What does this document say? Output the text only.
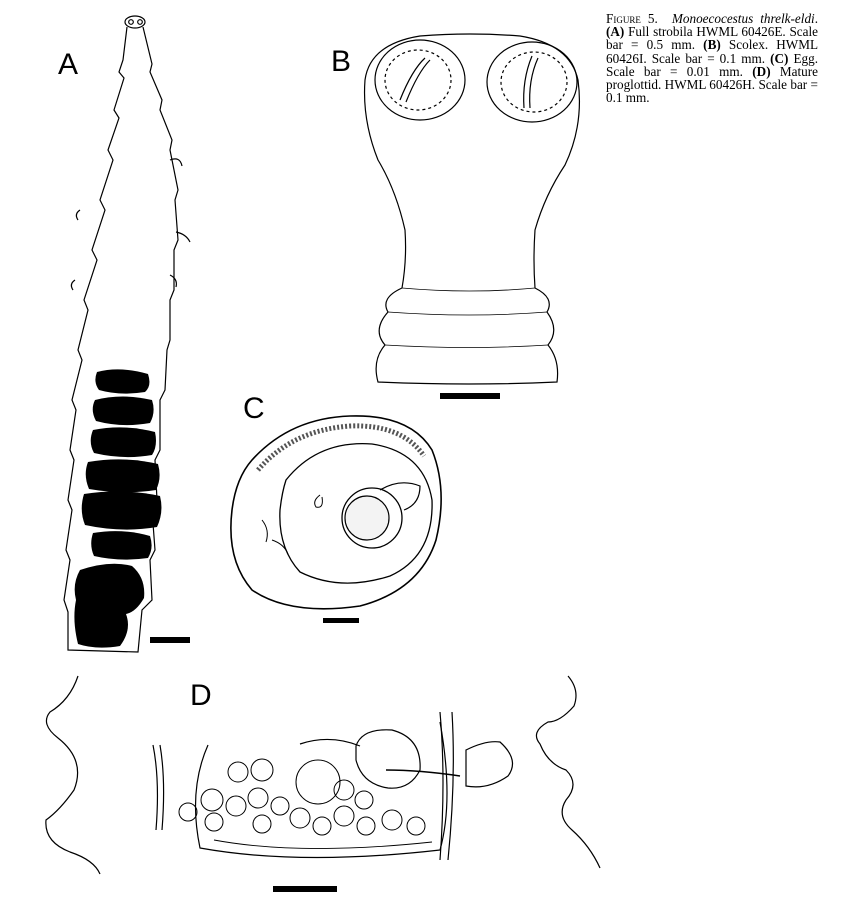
A	B
C
D
Figure 5. Monoecocestus threlk-eldi. (A) Full strobila HWML 60426E. Scale bar = 0.5 mm. (B) Scolex. HWML 60426I. Scale bar = 0.1 mm. (C) Egg. Scale bar = 0.01 mm. (D) Mature proglottid. HWML 60426H. Scale bar = 0.1 mm.
